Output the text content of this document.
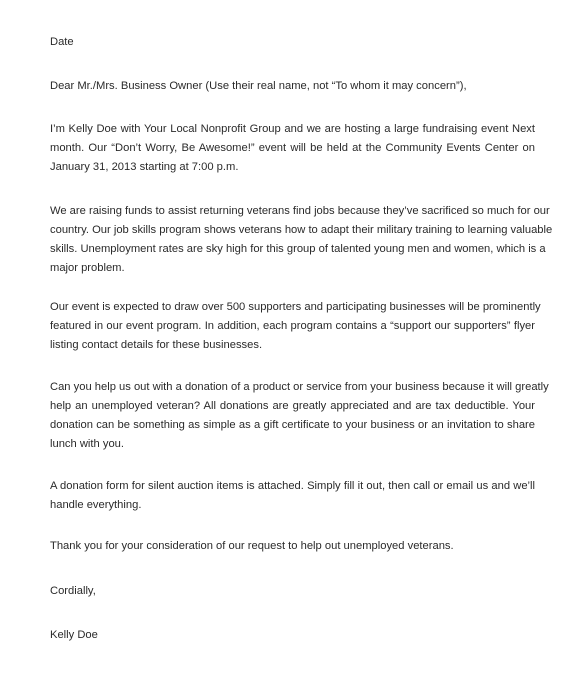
Date

Dear Mr./Mrs. Business Owner (Use their real name, not “To whom it may concern”),

I’m Kelly Doe with Your Local Nonprofit Group and we are hosting a large fundraising event Next
month. Our “Don’t Worry, Be Awesome!” event will be held at the Community Events Center on
January 31, 2013 starting at 7:00 p.m.

We are raising funds to assist returning veterans find jobs because they’ve sacrificed so much for our
country. Our job skills program shows veterans how to adapt their military training to learning valuable
skills. Unemployment rates are sky high for this group of talented young men and women, which is a
major problem.

Our event is expected to draw over 500 supporters and participating businesses will be prominently
featured in our event program. In addition, each program contains a “support our supporters” flyer
listing contact details for these businesses.

Can you help us out with a donation of a product or service from your business because it will greatly
help an unemployed veteran? All donations are greatly appreciated and are tax deductible. Your
donation can be something as simple as a gift certificate to your business or an invitation to share
lunch with you.

A donation form for silent auction items is attached. Simply fill it out, then call or email us and we’ll
handle everything.

Thank you for your consideration of our request to help out unemployed veterans.

Cordially,

Kelly Doe
